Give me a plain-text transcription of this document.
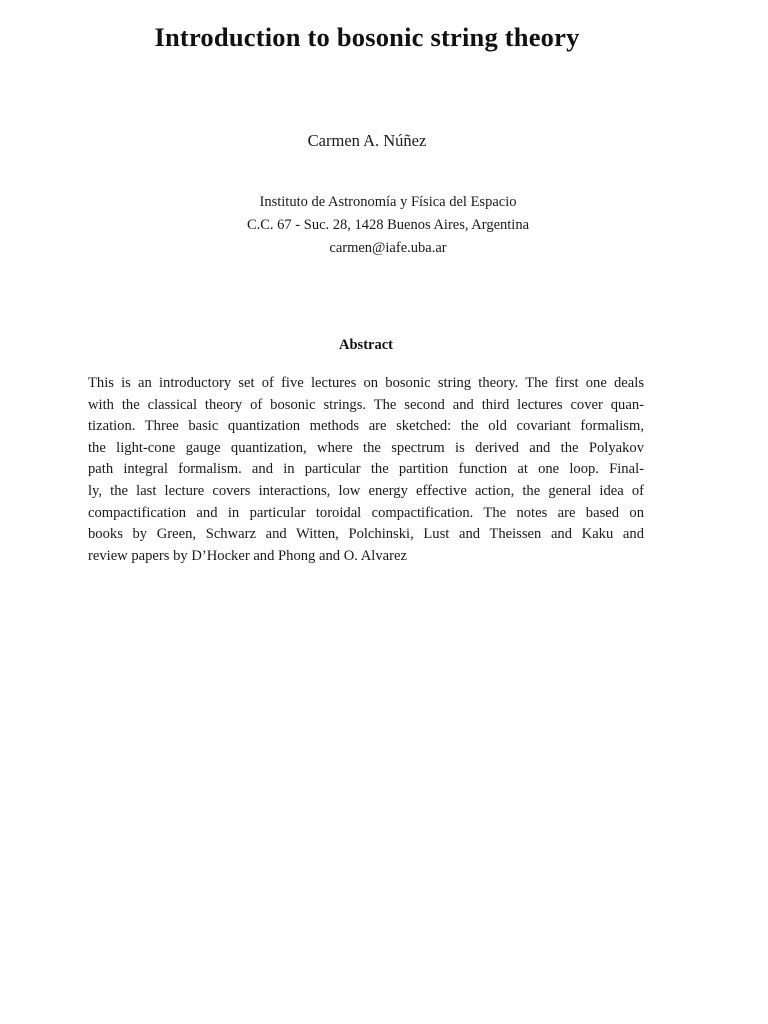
Introduction to bosonic string theory
Carmen A. Núñez
Instituto de Astronomía y Física del Espacio
C.C. 67 - Suc. 28, 1428 Buenos Aires, Argentina
carmen@iafe.uba.ar
Abstract
This is an introductory set of five lectures on bosonic string theory. The first one deals
with the classical theory of bosonic strings. The second and third lectures cover quan-
tization. Three basic quantization methods are sketched: the old covariant formalism,
the light-cone gauge quantization, where the spectrum is derived and the Polyakov
path integral formalism. and in particular the partition function at one loop. Final-
ly, the last lecture covers interactions, low energy effective action, the general idea of
compactification and in particular toroidal compactification. The notes are based on
books by Green, Schwarz and Witten, Polchinski, Lust and Theissen and Kaku and
review papers by D’Hocker and Phong and O. Alvarez
